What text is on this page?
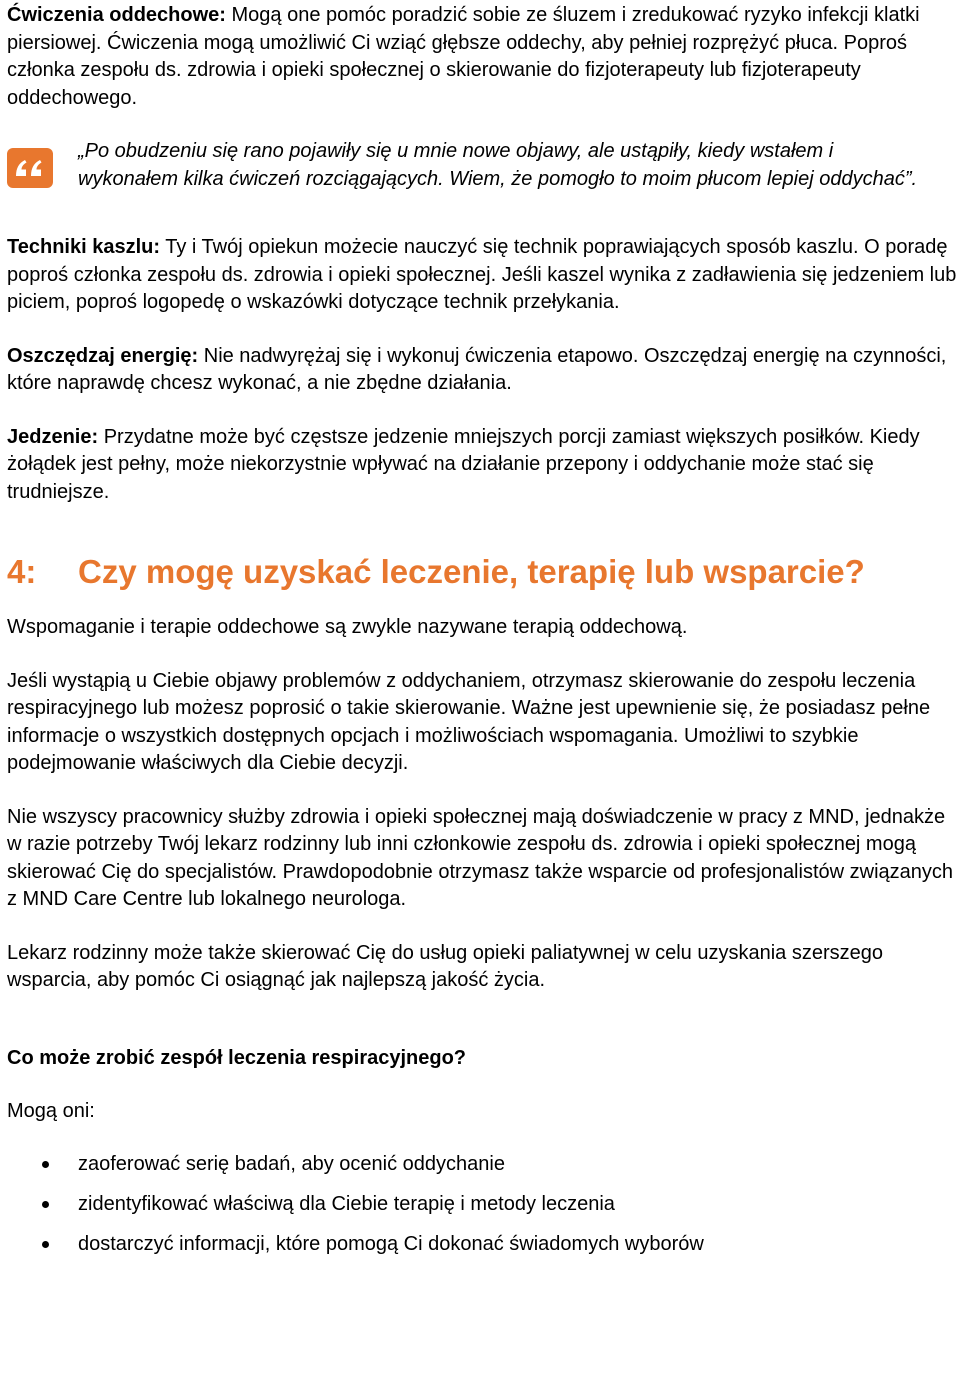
Ćwiczenia oddechowe: Mogą one pomóc poradzić sobie ze śluzem i zredukować ryzyko infekcji klatki piersiowej. Ćwiczenia mogą umożliwić Ci wziąć głębsze oddechy, aby pełniej rozprężyć płuca. Poproś członka zespołu ds. zdrowia i opieki społecznej o skierowanie do fizjoterapeuty lub fizjoterapeuty oddechowego.

„Po obudzeniu się rano pojawiły się u mnie nowe objawy, ale ustąpiły, kiedy wstałem i wykonałem kilka ćwiczeń rozciągających. Wiem, że pomogło to moim płucom lepiej oddychać”.

Techniki kaszlu: Ty i Twój opiekun możecie nauczyć się technik poprawiających sposób kaszlu. O poradę poproś członka zespołu ds. zdrowia i opieki społecznej. Jeśli kaszel wynika z zadławienia się jedzeniem lub piciem, poproś logopedę o wskazówki dotyczące technik przełykania.

Oszczędzaj energię: Nie nadwyrężaj się i wykonuj ćwiczenia etapowo. Oszczędzaj energię na czynności, które naprawdę chcesz wykonać, a nie zbędne działania.

Jedzenie: Przydatne może być częstsze jedzenie mniejszych porcji zamiast większych posiłków. Kiedy żołądek jest pełny, może niekorzystnie wpływać na działanie przepony i oddychanie może stać się trudniejsze.

4: Czy mogę uzyskać leczenie, terapię lub wsparcie?

Wspomaganie i terapie oddechowe są zwykle nazywane terapią oddechową.

Jeśli wystąpią u Ciebie objawy problemów z oddychaniem, otrzymasz skierowanie do zespołu leczenia respiracyjnego lub możesz poprosić o takie skierowanie. Ważne jest upewnienie się, że posiadasz pełne informacje o wszystkich dostępnych opcjach i możliwościach wspomagania. Umożliwi to szybkie podejmowanie właściwych dla Ciebie decyzji.

Nie wszyscy pracownicy służby zdrowia i opieki społecznej mają doświadczenie w pracy z MND, jednakże w razie potrzeby Twój lekarz rodzinny lub inni członkowie zespołu ds. zdrowia i opieki społecznej mogą skierować Cię do specjalistów. Prawdopodobnie otrzymasz także wsparcie od profesjonalistów związanych z MND Care Centre lub lokalnego neurologa.

Lekarz rodzinny może także skierować Cię do usług opieki paliatywnej w celu uzyskania szerszego wsparcia, aby pomóc Ci osiągnąć jak najlepszą jakość życia.

Co może zrobić zespół leczenia respiracyjnego?

Mogą oni:

zaoferować serię badań, aby ocenić oddychanie
zidentyfikować właściwą dla Ciebie terapię i metody leczenia
dostarczyć informacji, które pomogą Ci dokonać świadomych wyborów
